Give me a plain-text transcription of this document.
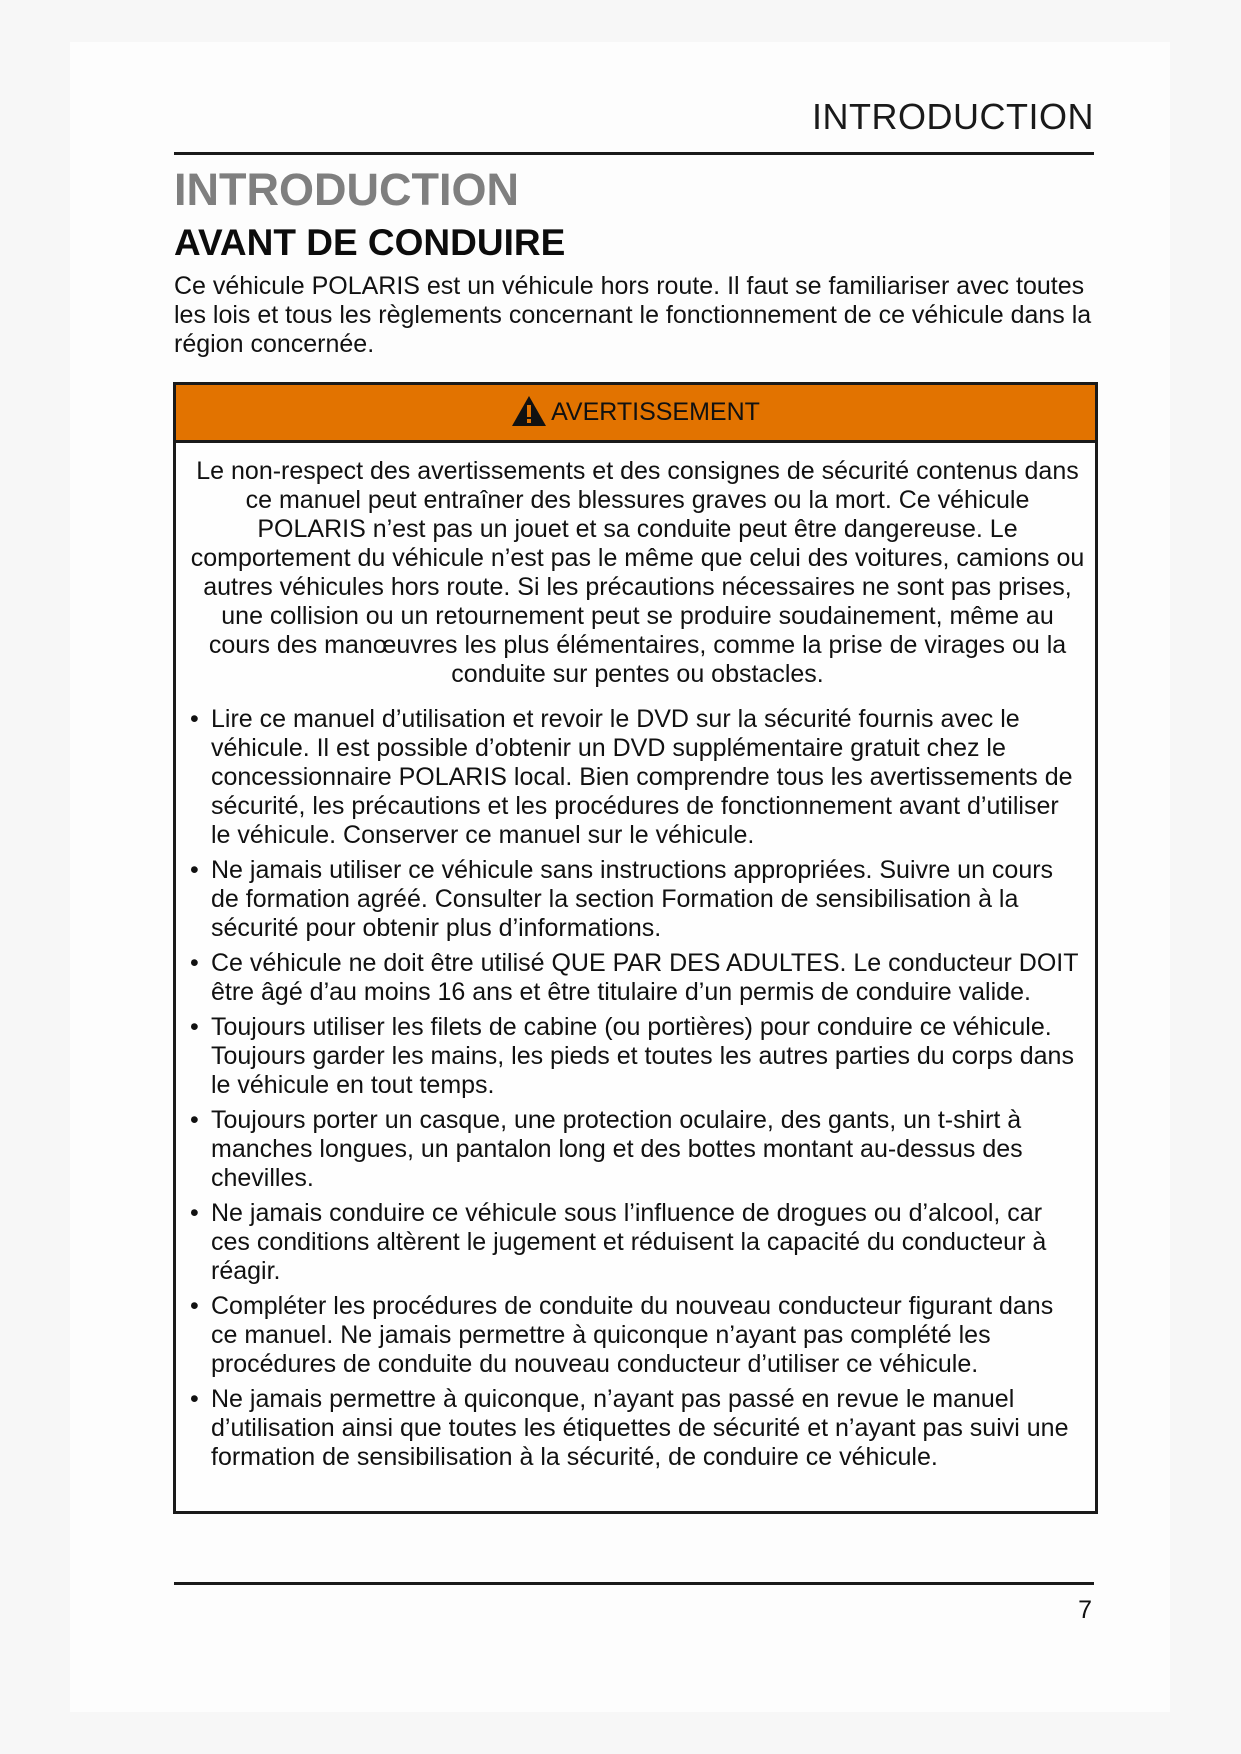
INTRODUCTION
INTRODUCTION
AVANT DE CONDUIRE

Ce véhicule POLARIS est un véhicule hors route. Il faut se familiariser avec toutes les lois et tous les règlements concernant le fonctionnement de ce véhicule dans la région concernée.

AVERTISSEMENT

Le non-respect des avertissements et des consignes de sécurité contenus dans ce manuel peut entraîner des blessures graves ou la mort. Ce véhicule POLARIS n’est pas un jouet et sa conduite peut être dangereuse. Le comportement du véhicule n’est pas le même que celui des voitures, camions ou autres véhicules hors route. Si les précautions nécessaires ne sont pas prises, une collision ou un retournement peut se produire soudainement, même au cours des manœuvres les plus élémentaires, comme la prise de virages ou la conduite sur pentes ou obstacles.

• Lire ce manuel d’utilisation et revoir le DVD sur la sécurité fournis avec le véhicule. Il est possible d’obtenir un DVD supplémentaire gratuit chez le concessionnaire POLARIS local. Bien comprendre tous les avertissements de sécurité, les précautions et les procédures de fonctionnement avant d’utiliser le véhicule. Conserver ce manuel sur le véhicule.
• Ne jamais utiliser ce véhicule sans instructions appropriées. Suivre un cours de formation agréé. Consulter la section Formation de sensibilisation à la sécurité pour obtenir plus d’informations.
• Ce véhicule ne doit être utilisé QUE PAR DES ADULTES. Le conducteur DOIT être âgé d’au moins 16 ans et être titulaire d’un permis de conduire valide.
• Toujours utiliser les filets de cabine (ou portières) pour conduire ce véhicule. Toujours garder les mains, les pieds et toutes les autres parties du corps dans le véhicule en tout temps.
• Toujours porter un casque, une protection oculaire, des gants, un t-shirt à manches longues, un pantalon long et des bottes montant au-dessus des chevilles.
• Ne jamais conduire ce véhicule sous l’influence de drogues ou d’alcool, car ces conditions altèrent le jugement et réduisent la capacité du conducteur à réagir.
• Compléter les procédures de conduite du nouveau conducteur figurant dans ce manuel. Ne jamais permettre à quiconque n’ayant pas complété les procédures de conduite du nouveau conducteur d’utiliser ce véhicule.
• Ne jamais permettre à quiconque, n’ayant pas passé en revue le manuel d’utilisation ainsi que toutes les étiquettes de sécurité et n’ayant pas suivi une formation de sensibilisation à la sécurité, de conduire ce véhicule.
7
